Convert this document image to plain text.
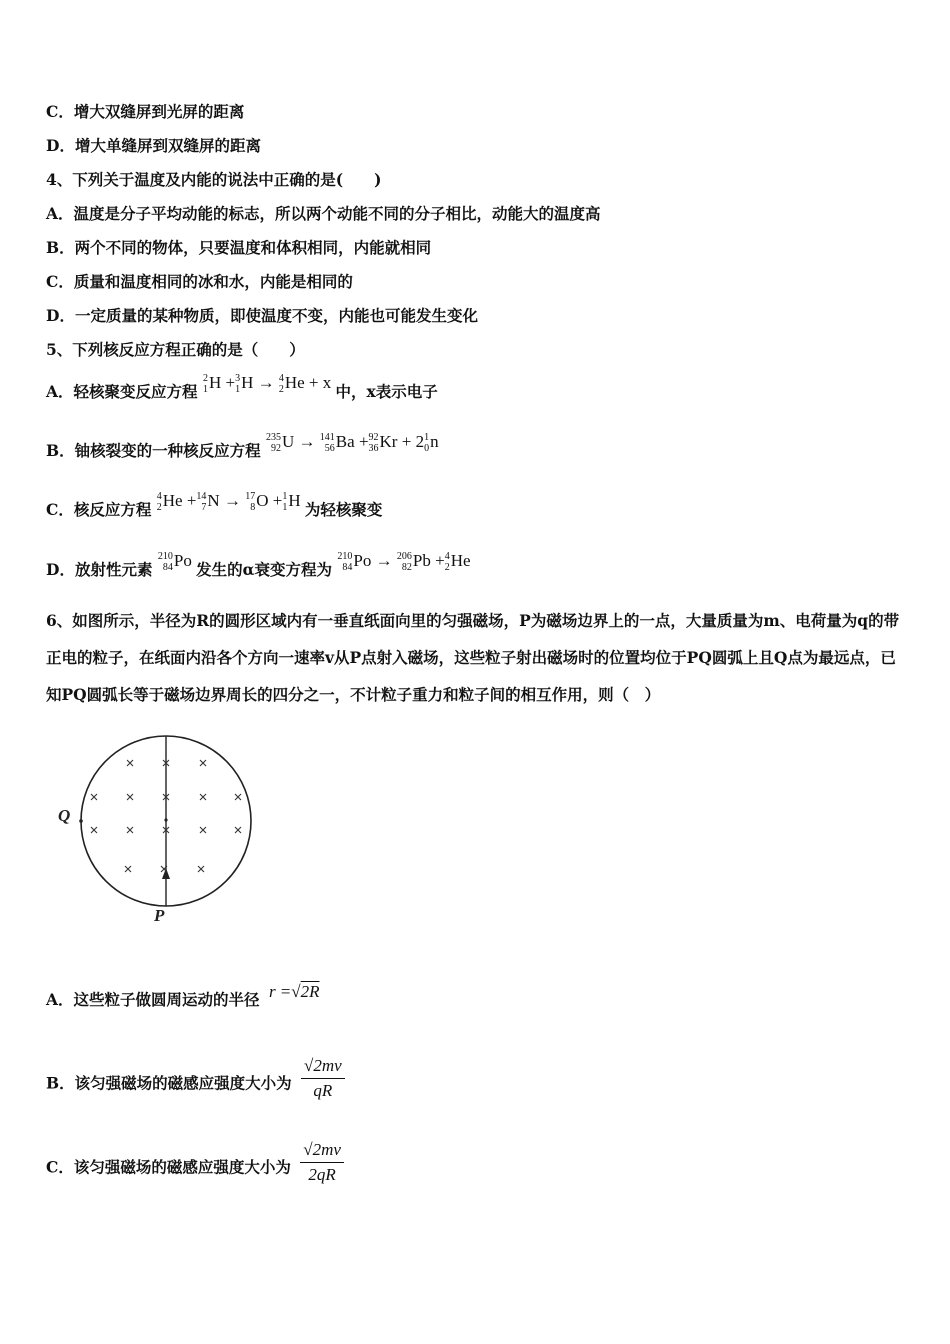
C．增大双缝屏到光屏的距离
D．增大单缝屏到双缝屏的距离
4、下列关于温度及内能的说法中正确的是(　　)
A．温度是分子平均动能的标志，所以两个动能不同的分子相比，动能大的温度高
B．两个不同的物体，只要温度和体积相同，内能就相同
C．质量和温度相同的冰和水，内能是相同的
D．一定质量的某种物质，即使温度不变，内能也可能发生变化
5、下列核反应方程正确的是（　　）
A．轻核聚变反应方程
2
1 H + 3
1 H → 4
2 He + x 中，x表示电子
B．铀核裂变的一种核反应方程
235
92 U → 141
56 Ba + 92
36 Kr + 2 1
0 n
C．核反应方程
4
2 He + 14
7 N → 17
8 O + 1
1 H 为轻核聚变
D．放射性元素
210
84 Po 发生的α衰变方程为
210
84 Po → 206
82 Pb + 4
2 He
6、如图所示，半径为R的圆形区域内有一垂直纸面向里的匀强磁场，P为磁场边界上的一点，大量质量为m、电荷量为q的带正电的粒子，在纸面内沿各个方向一速率v从P点射入磁场，这些粒子射出磁场时的位置均位于PQ圆弧上且Q点为最远点，已知PQ圆弧长等于磁场边界周长的四分之一，不计粒子重力和粒子间的相互作用，则（　）
Q
P
A．这些粒子做圆周运动的半径 r =√2R
B．该匀强磁场的磁感应强度大小为 $\frac{√2mv}{qR}$
C．该匀强磁场的磁感应强度大小为 $\frac{√2mv}{2qR}$
